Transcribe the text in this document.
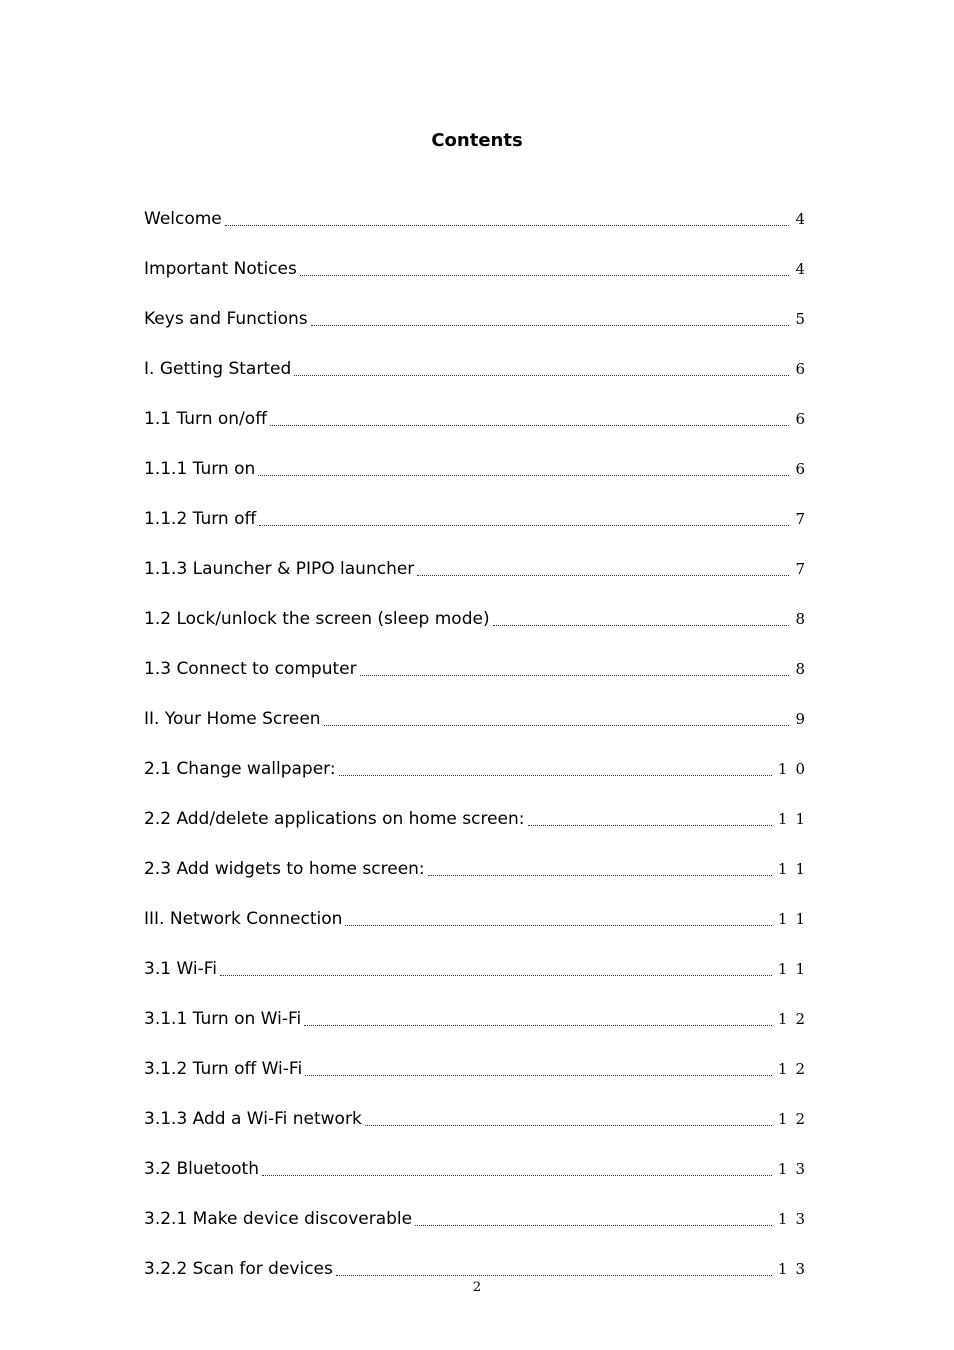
Contents
Welcome	4
Important Notices	4
Keys and Functions	5
I. Getting Started	6
1.1 Turn on/off	6
1.1.1 Turn on	6
1.1.2 Turn off	7
1.1.3 Launcher & PIPO launcher	7
1.2 Lock/unlock the screen (sleep mode)	8
1.3 Connect to computer	8
II. Your Home Screen	9
2.1 Change wallpaper:	10
2.2 Add/delete applications on home screen:	11
2.3 Add widgets to home screen:	11
III. Network Connection	11
3.1 Wi-Fi	11
3.1.1 Turn on Wi-Fi	12
3.1.2 Turn off Wi-Fi	12
3.1.3 Add a Wi-Fi network	12
3.2 Bluetooth	13
3.2.1 Make device discoverable	13
3.2.2 Scan for devices	13
2
